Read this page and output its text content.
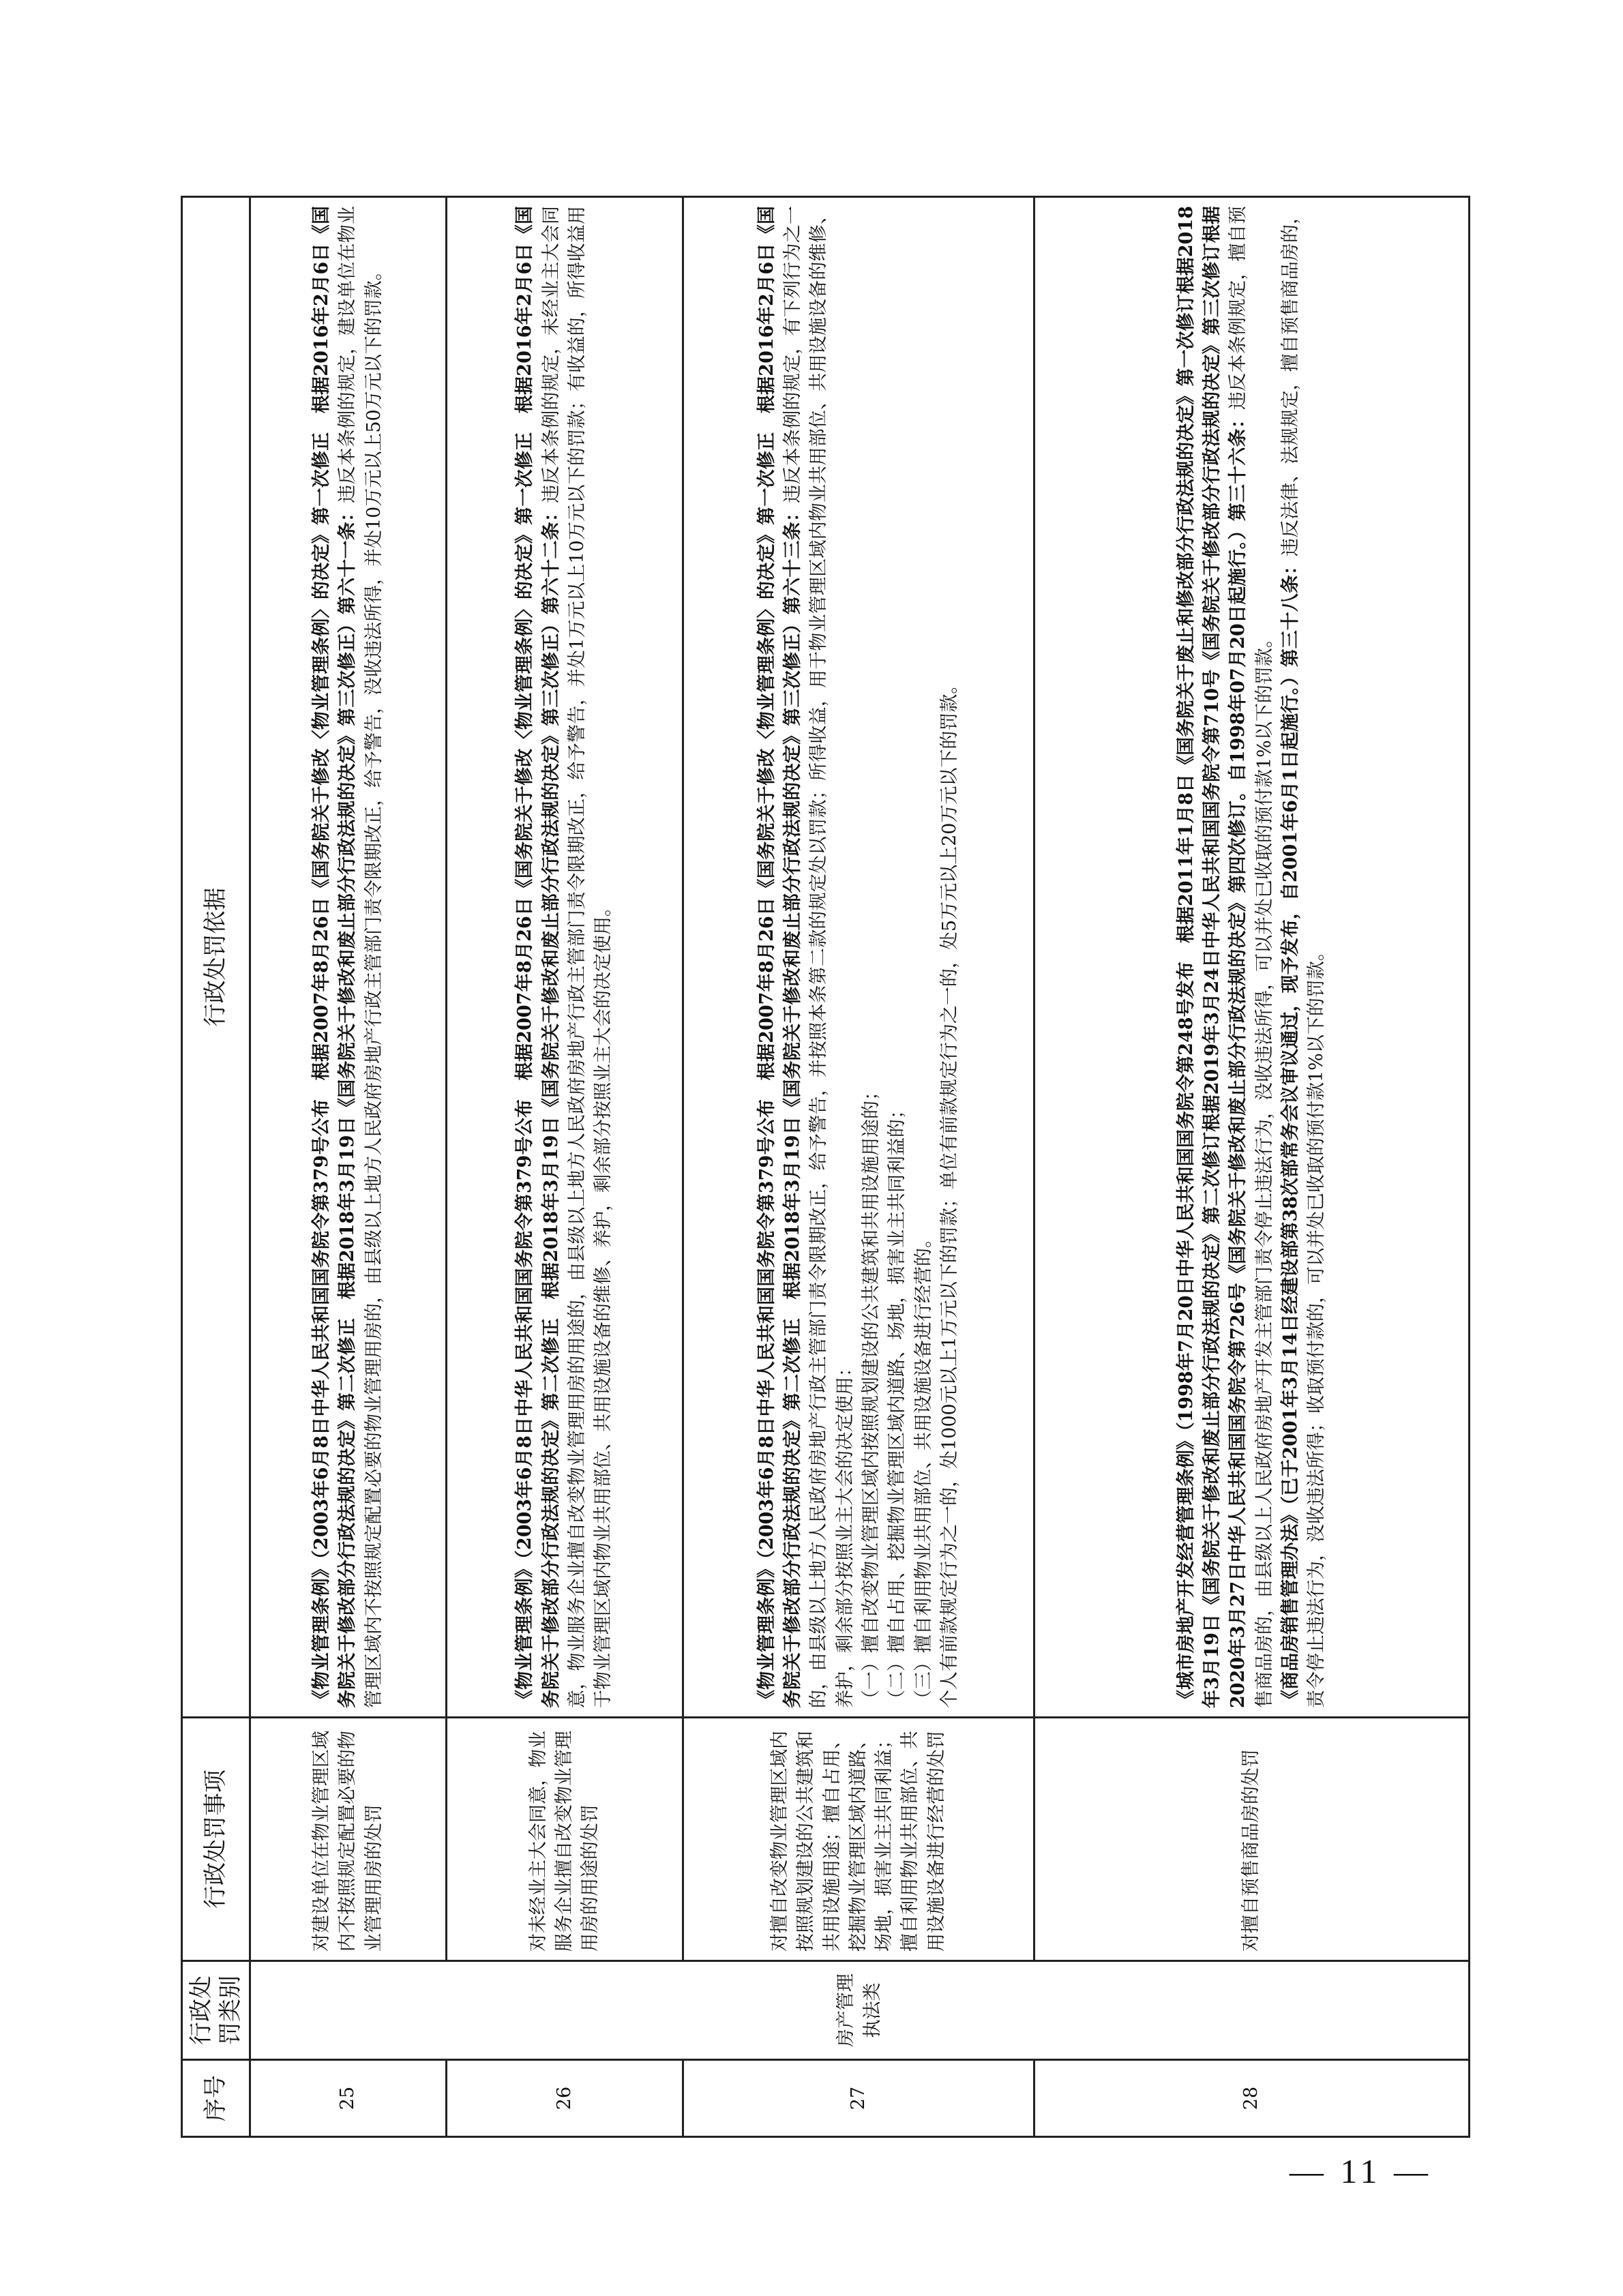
序号	行政处罚类别	行政处罚事项	行政处罚依据
25	房产管理执法类	对建设单位在物业管理区域内不按照规定配置必要的物业管理用房的处罚	《物业管理条例》（2003年6月8日中华人民共和国国务院令第379号公布　根据2007年8月26日《国务院关于修改〈物业管理条例〉的决定》第一次修正　根据2016年2月6日《国务院关于修改部分行政法规的决定》第二次修正　根据2018年3月19日《国务院关于修改和废止部分行政法规的决定》第三次修正）第六十一条：违反本条例的规定，建设单位在物业管理区域内不按照规定配置必要的物业管理用房的，由县级以上地方人民政府房地产行政主管部门责令限期改正，给予警告，没收违法所得，并处10万元以上50万元以下的罚款。

26		对未经业主大会同意，物业服务企业擅自改变物业管理用房的用途的处罚	《物业管理条例》（2003年6月8日中华人民共和国国务院令第379号公布　根据2007年8月26日《国务院关于修改〈物业管理条例〉的决定》第一次修正　根据2016年2月6日《国务院关于修改部分行政法规的决定》第二次修正　根据2018年3月19日《国务院关于修改和废止部分行政法规的决定》第三次修正）第六十二条：违反本条例的规定，未经业主大会同意，物业服务企业擅自改变物业管理用房的用途的，由县级以上地方人民政府房地产行政主管部门责令限期改正，给予警告，并处1万元以上10万元以下的罚款；有收益的，所得收益用于物业管理区域内物业共用部位、共用设施设备的维修、养护，剩余部分按照业主大会的决定使用。

27		对擅自改变物业管理区域内按照规划建设的公共建筑和共用设施用途；擅自占用、挖掘物业管理区域内道路、场地，损害业主共同利益；擅自利用物业共用部位、共用设施设备进行经营的处罚	《物业管理条例》（2003年6月8日中华人民共和国国务院令第379号公布　根据2007年8月26日《国务院关于修改〈物业管理条例〉的决定》第一次修正　根据2016年2月6日《国务院关于修改部分行政法规的决定》第二次修正　根据2018年3月19日《国务院关于修改和废止部分行政法规的决定》第三次修正）第六十三条：违反本条例的规定，有下列行为之一的，由县级以上地方人民政府房地产行政主管部门责令限期改正，给予警告，并按照本条第二款的规定处以罚款；所得收益，用于物业管理区域内物业共用部位、共用设施设备的维修、养护，剩余部分按照业主大会的决定使用： （一）擅自改变物业管理区域内按照规划建设的公共建筑和共用设施用途的； （二）擅自占用、挖掘物业管理区域内道路、场地，损害业主共同利益的； （三）擅自利用物业共用部位、共用设施设备进行经营的。 个人有前款规定行为之一的，处1000元以上1万元以下的罚款；单位有前款规定行为之一的，处5万元以上20万元以下的罚款。

28		对擅自预售商品房的处罚	《城市房地产开发经营管理条例》（1998年7月20日中华人民共和国国务院令第248号发布　根据2011年1月8日《国务院关于废止和修改部分行政法规的决定》第一次修订根据2018年3月19日《国务院关于修改和废止部分行政法规的决定》第二次修订根据2019年3月24日中华人民共和国国务院令第710号《国务院关于修改部分行政法规的决定》第三次修订根据2020年3月27日中华人民共和国国务院令第726号《国务院关于修改和废止部分行政法规的决定》第四次修订。自1998年07月20日起施行。）第三十六条：违反本条例规定，擅自预售商品房的，由县级以上人民政府房地产开发主管部门责令停止违法行为，没收违法所得，可以并处已收取的预付款1%以下的罚款。 《商品房销售管理办法》（已于2001年3月14日经建设部第38次部常务会议审议通过，现予发布，自2001年6月1日起施行。）第三十八条：违反法律、法规规定，擅自预售商品房的，责令停止违法行为，没收违法所得；收取预付款的，可以并处已收取的预付款1%以下的罚款。

— 11 —
